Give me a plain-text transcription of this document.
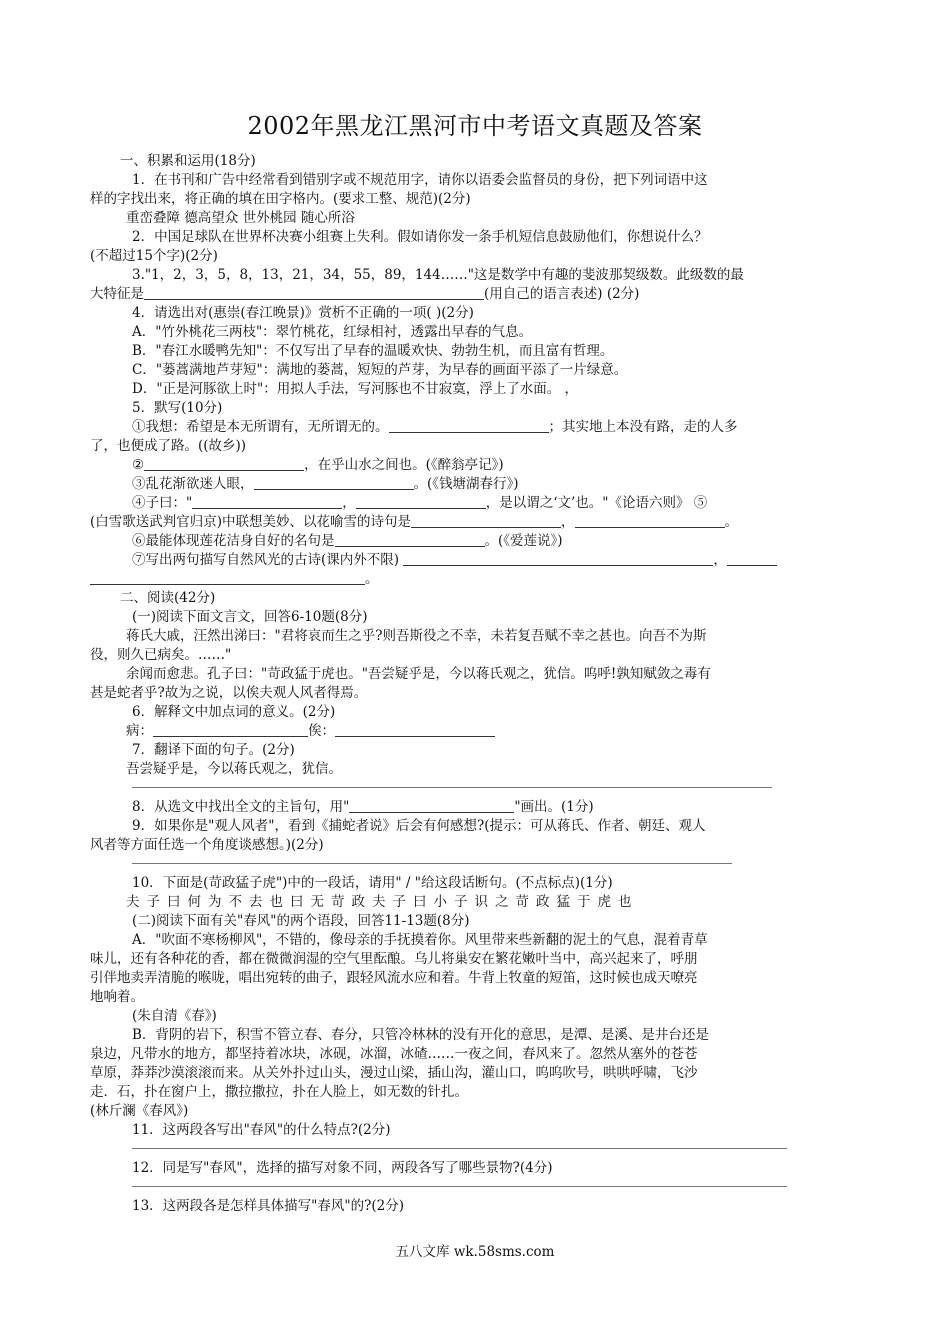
2002年黑龙江黑河市中考语文真题及答案
一、积累和运用(18分)
1．在书刊和广告中经常看到错别字或不规范用字，请你以语委会监督员的身份，把下列词语中这
样的字找出来，将正确的填在田字格内。(要求工整、规范)(2分)
重峦叠障 德高望众 世外桃园 随心所浴
2．中国足球队在世界杯决赛小组赛上失利。假如请你发一条手机短信息鼓励他们，你想说什么？
(不超过15个字)(2分)
3."1，2，3，5，8，13，21，34，55，89，144……"这是数学中有趣的斐波那契级数。此级数的最
大特征是	(用自己的语言表述) (2分)
4．请选出对(惠崇(春江晚景)》赏析不正确的一项( )(2分)
A．"竹外桃花三两枝"：翠竹桃花，红绿相衬，透露出早春的气息。
B．"春江水暖鸭先知"：不仅写出了早春的温暖欢快、勃勃生机，而且富有哲理。
C．"蒌蒿满地芦芽短"：满地的蒌蒿，短短的芦芽，为早春的画面平添了一片绿意。
D．"正是河豚欲上时"：用拟人手法，写河豚也不甘寂寞，浮上了水面。 ，
5．默写(10分)
①我想：希望是本无所谓有，无所谓无的。	；其实地上本没有路，走的人多
了，也便成了路。((故乡))
②	，在乎山水之间也。(《醉翁亭记》)
③乱花渐欲迷人眼，	。(《钱塘湖春行》)
④子曰："	，	，是以谓之‘文’也。"《论语六则》 ⑤
(白雪歌送武判官归京)中联想美妙、以花喻雪的诗句是	，	。
⑥最能体现莲花洁身自好的名句是	。(《爱莲说》)
⑦写出两句描写自然风光的古诗(课内外不限)	，
。
二、阅读(42分)
(一)阅读下面文言文，回答6-10题(8分)
蒋氏大戚，汪然出涕曰："君将哀而生之乎?则吾斯役之不幸，未若复吾赋不幸之甚也。向吾不为斯
役，则久已病矣。……"
余闻而愈悲。孔子曰："苛政猛于虎也。"吾尝疑乎是，今以蒋氏观之，犹信。呜呼!孰知赋敛之毒有
甚是蛇者乎?故为之说，以俟夫观人风者得焉。
6．解释文中加点词的意义。(2分)
病：	俟：
7．翻译下面的句子。(2分)
吾尝疑乎是，今以蒋氏观之，犹信。
8．从选文中找出全文的主旨句，用"	"画出。(1分)
9．如果你是"观人风者"，看到《捕蛇者说》后会有何感想?(提示：可从蒋氏、作者、朝廷、观人
风者等方面任选一个角度谈感想。)(2分)
10．下面是(苛政猛子虎")中的一段话，请用" / "给这段话断句。(不点标点)(1分)
夫子曰何为不去也曰无苛政夫子曰小子识之苛政猛于虎也
(二)阅读下面有关"春风"的两个语段，回答11-13题(8分)
A．"吹面不寒杨柳风"，不错的，像母亲的手抚摸着你。风里带来些新翻的泥土的气息，混着青草
味儿，还有各种花的香，都在微微润湿的空气里酝酿。乌儿将巢安在繁花嫩叶当中，高兴起来了，呼朋
引伴地卖弄清脆的喉咙，唱出宛转的曲子，跟轻风流水应和着。牛背上牧童的短笛，这时候也成天嘹亮
地响着。
(朱自清《春》)
B．背阴的岩下，积雪不管立春、春分，只管冷林林的没有开化的意思，是潭、是溪、是井台还是
泉边，凡带水的地方，都坚持着冰块，冰砚，冰溜，冰碴……一夜之间，春风来了。忽然从塞外的苍苍
草原，莽莽沙漠滚滚而来。从关外扑过山头，漫过山梁，插山沟，灌山口，呜呜吹号，哄哄呼啸，飞沙
走．石，扑在窗户上，撒拉撒拉，扑在人脸上，如无数的针扎。
(林斤澜《春风》)
11．这两段各写出"春风"的什么特点?(2分)
12．同是写"春风"，选择的描写对象不同，两段各写了哪些景物?(4分)
13．这两段各是怎样具体描写"春风"的?(2分)
五八文库 wk.58sms.com
